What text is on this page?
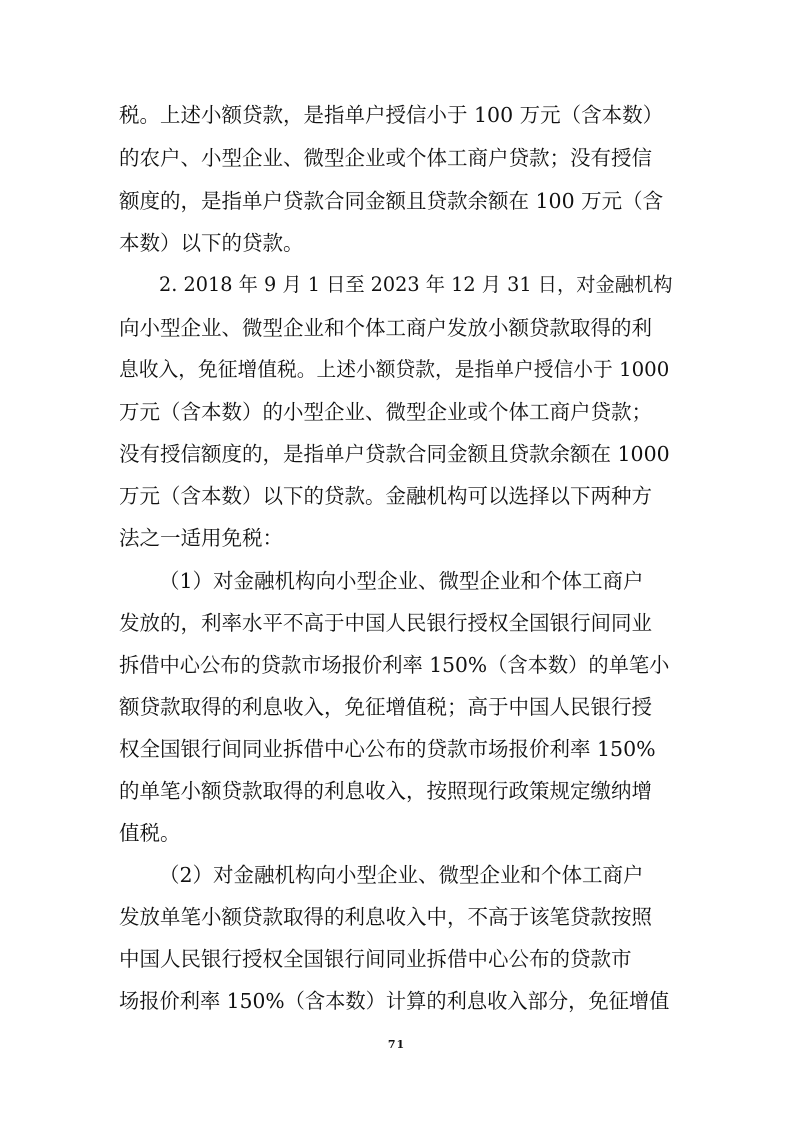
税。上述小额贷款，是指单户授信小于 100 万元（含本数）
的农户、小型企业、微型企业或个体工商户贷款；没有授信
额度的，是指单户贷款合同金额且贷款余额在 100 万元（含
本数）以下的贷款。
2. 2018 年 9 月 1 日至 2023 年 12 月 31 日，对金融机构
向小型企业、微型企业和个体工商户发放小额贷款取得的利
息收入，免征增值税。上述小额贷款，是指单户授信小于 1000
万元（含本数）的小型企业、微型企业或个体工商户贷款；
没有授信额度的，是指单户贷款合同金额且贷款余额在 1000
万元（含本数）以下的贷款。金融机构可以选择以下两种方
法之一适用免税：
（1）对金融机构向小型企业、微型企业和个体工商户
发放的，利率水平不高于中国人民银行授权全国银行间同业
拆借中心公布的贷款市场报价利率 150%（含本数）的单笔小
额贷款取得的利息收入，免征增值税；高于中国人民银行授
权全国银行间同业拆借中心公布的贷款市场报价利率 150%
的单笔小额贷款取得的利息收入，按照现行政策规定缴纳增
值税。
（2）对金融机构向小型企业、微型企业和个体工商户
发放单笔小额贷款取得的利息收入中，不高于该笔贷款按照
中国人民银行授权全国银行间同业拆借中心公布的贷款市
场报价利率 150%（含本数）计算的利息收入部分，免征增值
71
